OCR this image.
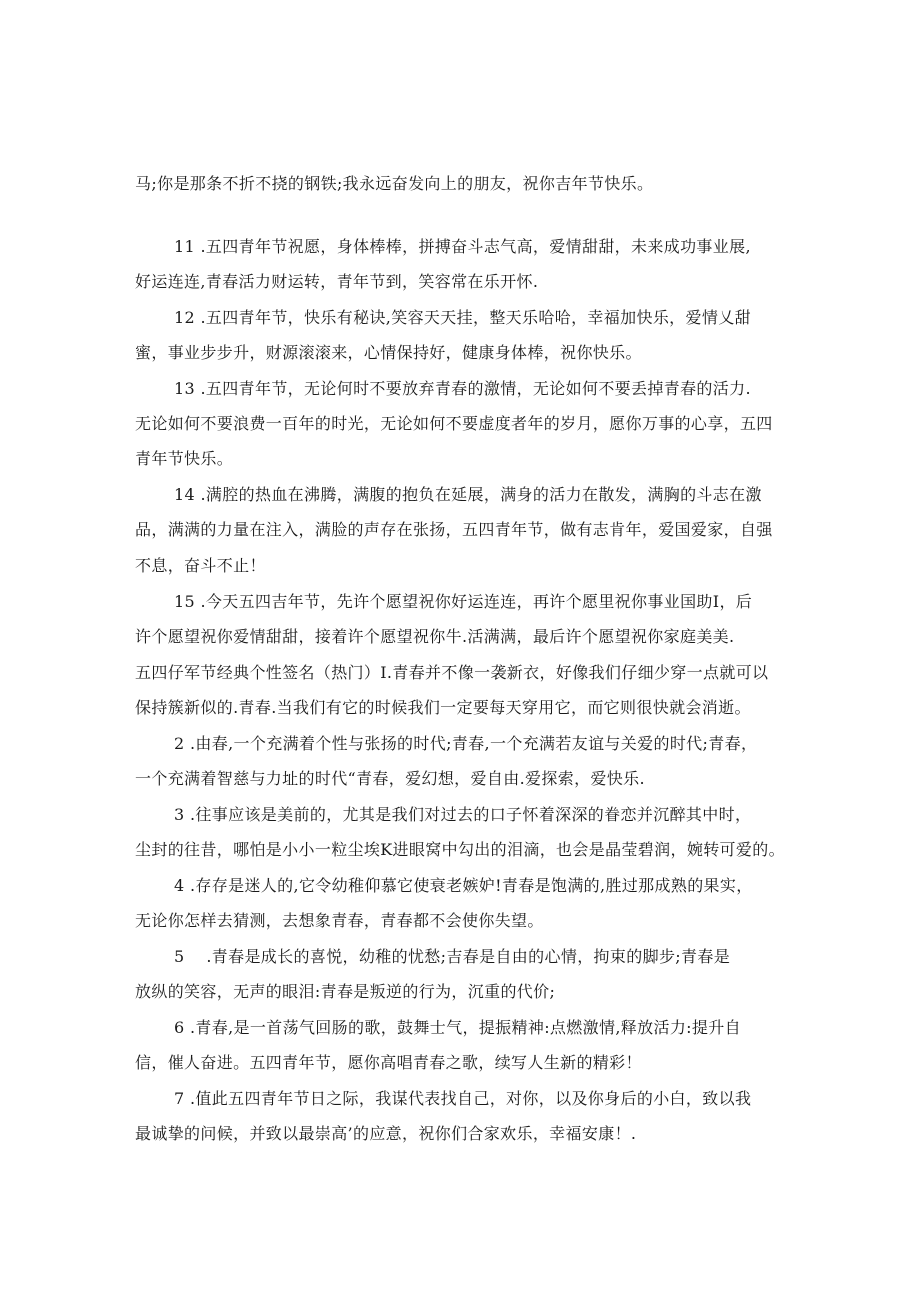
马;你是那条不折不挠的钢铁;我永远奋发向上的朋友，祝你吉年节快乐。
11 .五四青年节祝愿，身体棒棒，拼搏奋斗志气高，爱情甜甜，未来成功事业展,
好运连连,青春活力财运转，青年节到，笑容常在乐开怀.
12 .五四青年节，快乐有秘诀,笑容天天挂，整天乐哈哈，幸福加快乐，爱情乂甜
蜜，事业步步升，财源滚滚来，心情保持好，健康身体棒，祝你快乐。
13 .五四青年节，无论何时不要放弃青春的激情，无论如何不要丢掉青春的活力.
无论如何不要浪费一百年的时光，无论如何不要虚度者年的岁月，愿你万事的心享，五四
青年节快乐。
14 .满腔的热血在沸腾，满腹的抱负在延展，满身的活力在散发，满胸的斗志在激
品，满满的力量在注入，满脸的声存在张扬，五四青年节，做有志肯年，爱国爱家，自强
不息，奋斗不止！
15 .今天五四吉年节，先许个愿望祝你好运连连，再许个愿里祝你事业国助I，后
许个愿望祝你爱情甜甜，接着许个愿望祝你牛.活满满，最后许个愿望祝你家庭美美.
五四仔军节经典个性签名（热门）I.青春并不像一袭新衣，好像我们仔细少穿一点就可以
保持簇新似的.青春.当我们有它的时候我们一定要每天穿用它，而它则很快就会消逝。
2 .由春,一个充满着个性与张扬的时代;青春,一个充满若友谊与关爱的时代;青春，
一个充满着智慈与力址的时代“青春，爱幻想，爱自由.爱探索，爱快乐.
3 .往事应该是美前的，尤其是我们对过去的口子怀着深深的眷恋并沉醉其中时，
尘封的往昔，哪怕是小小一粒尘埃K进眼窝中勾出的泪滴，也会是晶莹碧润，婉转可爱的。
4 .存存是迷人的,它令幼稚仰慕它使衰老嫉妒!青春是饱满的,胜过那成熟的果实，
无论你怎样去猜测，去想象青春，青春都不会使你失望。
5 　.青春是成长的喜悦，幼稚的忧愁;吉春是自由的心情，拘束的脚步;青春是
放纵的笑容，无声的眼泪:青春是叛逆的行为，沉重的代价;
6 .青春,是一首荡气回肠的歌，鼓舞士气，提振精神:点燃激情,释放活力:提升自
信，催人奋进。五四青年节，愿你高唱青春之歌，续写人生新的精彩！
7 .值此五四青年节日之际，我谋代表找自己，对你，以及你身后的小白，致以我
最诚挚的问候，并致以最崇高’的应意，祝你们合家欢乐，幸福安康！.
